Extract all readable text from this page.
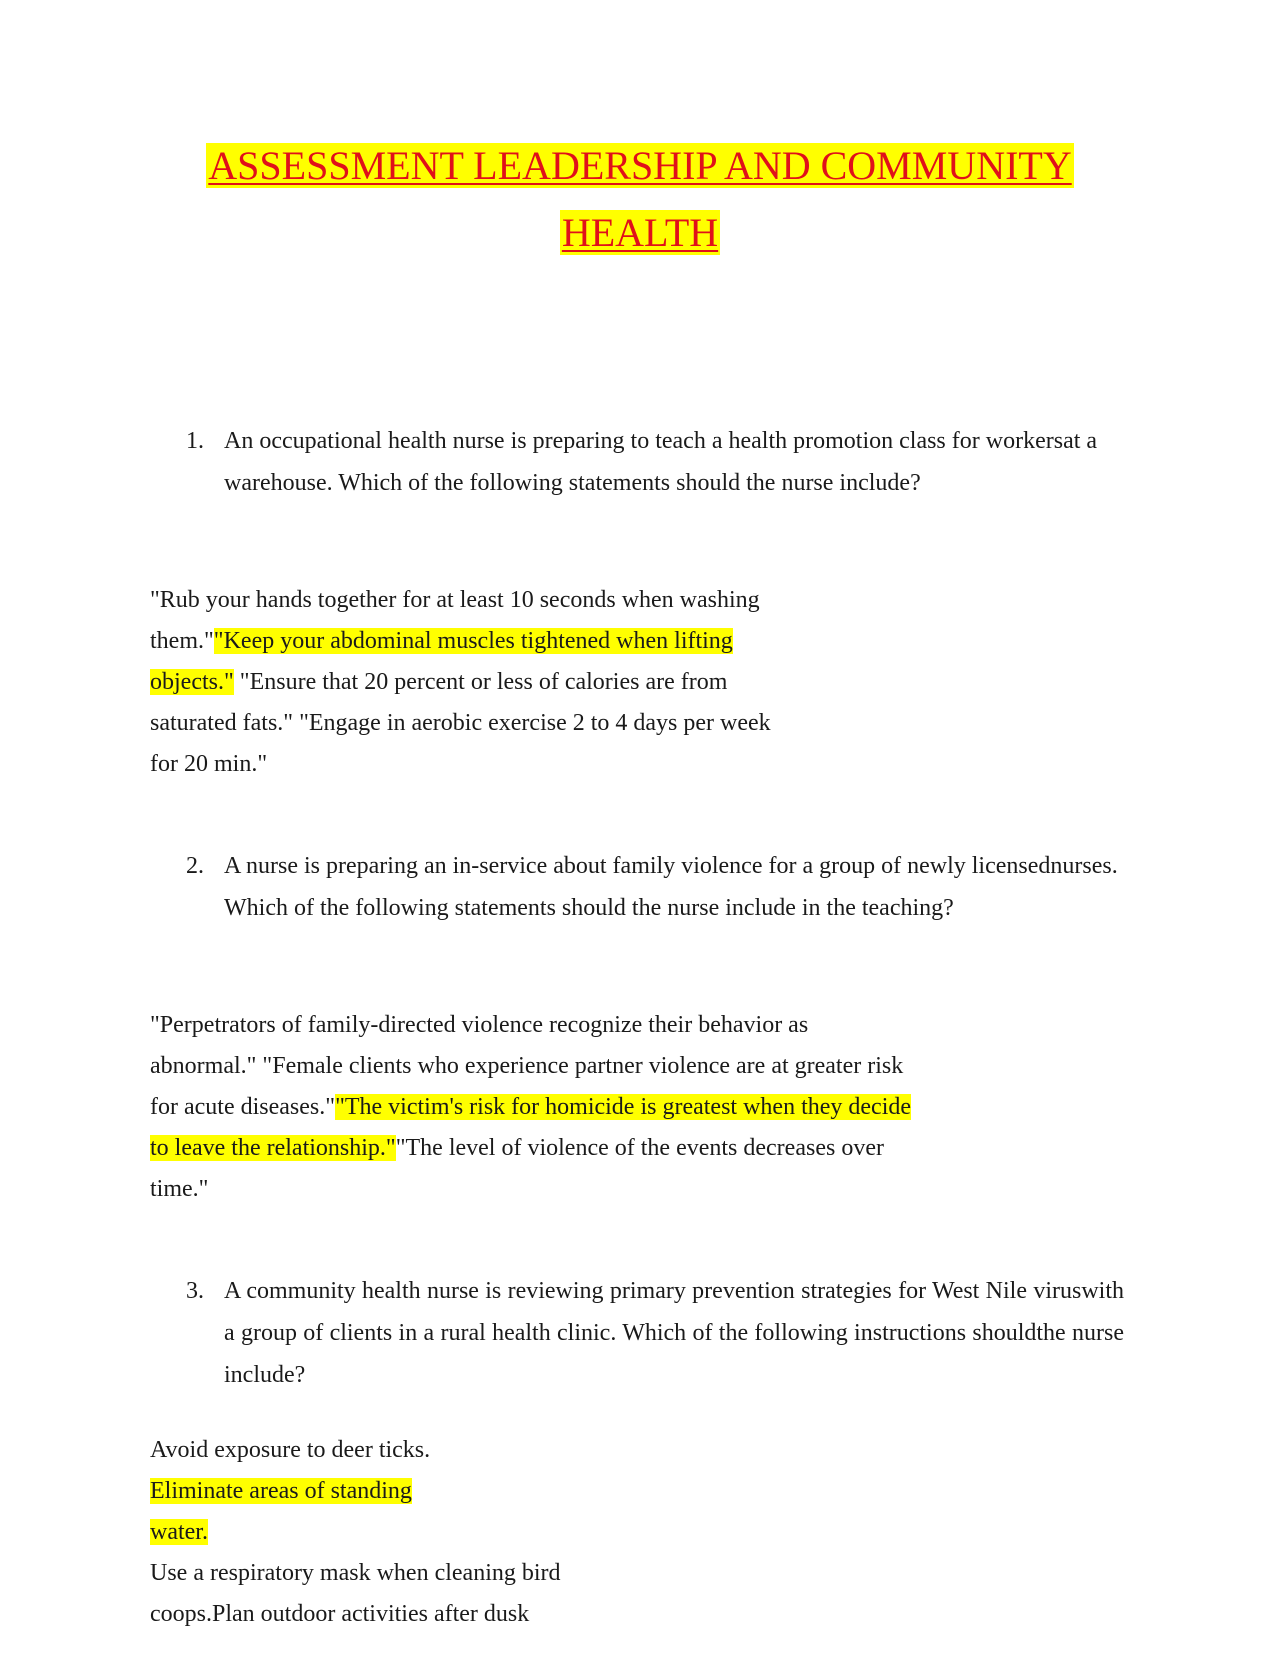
ASSESSMENT LEADERSHIP AND COMMUNITY
HEALTH
1. An occupational health nurse is preparing to teach a health promotion class for workersat a warehouse. Which of the following statements should the nurse include?
"Rub your hands together for at least 10 seconds when washing
them.""Keep your abdominal muscles tightened when lifting
objects." "Ensure that 20 percent or less of calories are from
saturated fats." "Engage in aerobic exercise 2 to 4 days per week
for 20 min."
2. A nurse is preparing an in-service about family violence for a group of newly licensednurses. Which of the following statements should the nurse include in the teaching?
"Perpetrators of family-directed violence recognize their behavior as
abnormal." "Female clients who experience partner violence are at greater risk
for acute diseases.""The victim's risk for homicide is greatest when they decide
to leave the relationship.""The level of violence of the events decreases over
time."
3. A community health nurse is reviewing primary prevention strategies for West Nile viruswith a group of clients in a rural health clinic. Which of the following instructions shouldthe nurse include?
Avoid exposure to deer ticks.
Eliminate areas of standing
water.
Use a respiratory mask when cleaning bird
coops.Plan outdoor activities after dusk
